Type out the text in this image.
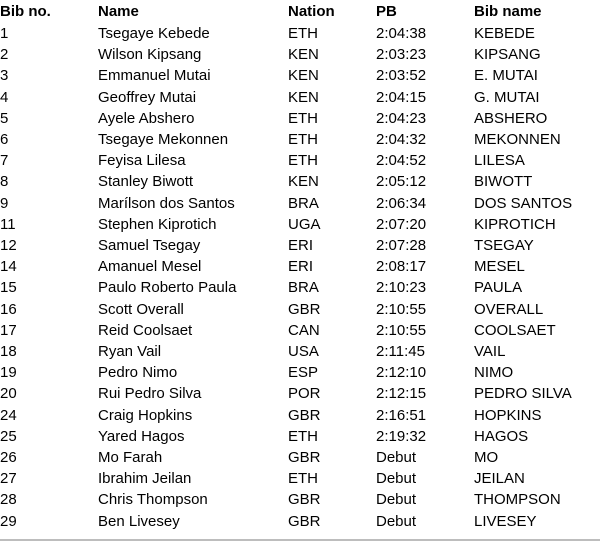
Bib no.	Name	Nation	PB	Bib name
1	Tsegaye Kebede	ETH	2:04:38	KEBEDE
2	Wilson Kipsang	KEN	2:03:23	KIPSANG
3	Emmanuel Mutai	KEN	2:03:52	E. MUTAI
4	Geoffrey Mutai	KEN	2:04:15	G. MUTAI
5	Ayele Abshero	ETH	2:04:23	ABSHERO
6	Tsegaye Mekonnen	ETH	2:04:32	MEKONNEN
7	Feyisa Lilesa	ETH	2:04:52	LILESA
8	Stanley Biwott	KEN	2:05:12	BIWOTT
9	Marílson dos Santos	BRA	2:06:34	DOS SANTOS
11	Stephen Kiprotich	UGA	2:07:20	KIPROTICH
12	Samuel Tsegay	ERI	2:07:28	TSEGAY
14	Amanuel Mesel	ERI	2:08:17	MESEL
15	Paulo Roberto Paula	BRA	2:10:23	PAULA
16	Scott Overall	GBR	2:10:55	OVERALL
17	Reid Coolsaet	CAN	2:10:55	COOLSAET
18	Ryan Vail	USA	2:11:45	VAIL
19	Pedro Nimo	ESP	2:12:10	NIMO
20	Rui Pedro Silva	POR	2:12:15	PEDRO SILVA
24	Craig Hopkins	GBR	2:16:51	HOPKINS
25	Yared Hagos	ETH	2:19:32	HAGOS
26	Mo Farah	GBR	Debut	MO
27	Ibrahim Jeilan	ETH	Debut	JEILAN
28	Chris Thompson	GBR	Debut	THOMPSON
29	Ben Livesey	GBR	Debut	LIVESEY
